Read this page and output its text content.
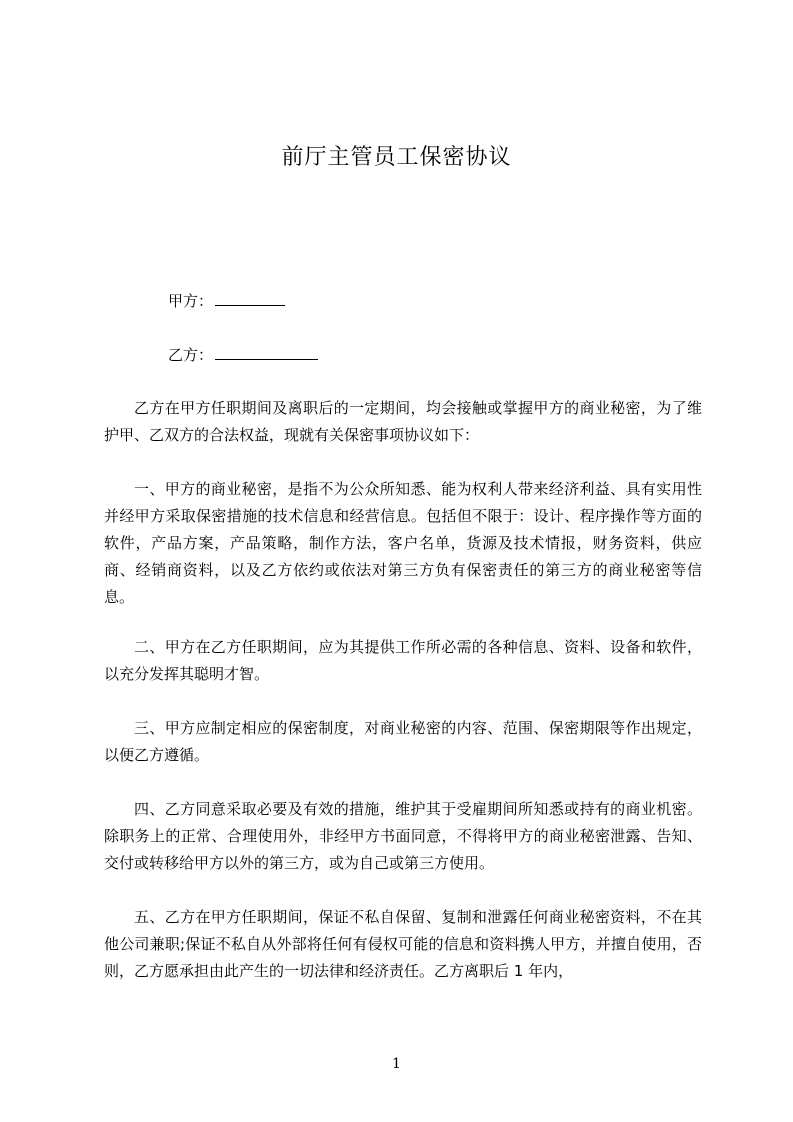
前厅主管员工保密协议
甲方：
乙方：

乙方在甲方任职期间及离职后的一定期间，均会接触或掌握甲方的商业秘密，为了维护甲、乙双方的合法权益，现就有关保密事项协议如下：

一、甲方的商业秘密，是指不为公众所知悉、能为权利人带来经济利益、具有实用性并经甲方采取保密措施的技术信息和经营信息。包括但不限于：设计、程序操作等方面的软件，产品方案，产品策略，制作方法，客户名单，货源及技术情报，财务资料，供应商、经销商资料，以及乙方依约或依法对第三方负有保密责任的第三方的商业秘密等信息。

二、甲方在乙方任职期间，应为其提供工作所必需的各种信息、资料、设备和软件，以充分发挥其聪明才智。

三、甲方应制定相应的保密制度，对商业秘密的内容、范围、保密期限等作出规定，以便乙方遵循。

四、乙方同意采取必要及有效的措施，维护其于受雇期间所知悉或持有的商业机密。除职务上的正常、合理使用外，非经甲方书面同意，不得将甲方的商业秘密泄露、告知、交付或转移给甲方以外的第三方，或为自己或第三方使用。

五、乙方在甲方任职期间，保证不私自保留、复制和泄露任何商业秘密资料，不在其他公司兼职;保证不私自从外部将任何有侵权可能的信息和资料携人甲方，并擅自使用，否则，乙方愿承担由此产生的一切法律和经济责任。乙方离职后 1 年内，

1
